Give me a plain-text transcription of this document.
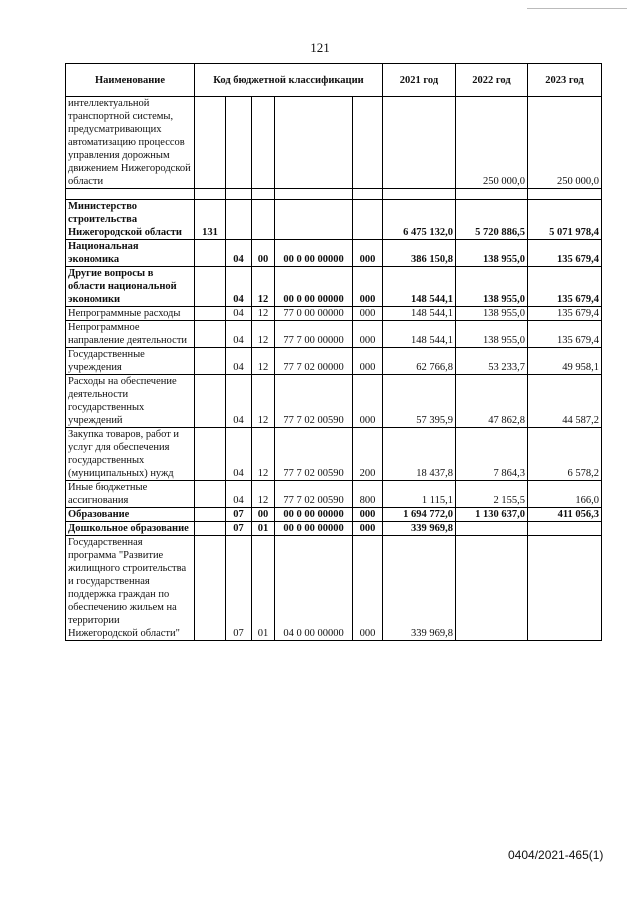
121
Наименование	Код бюджетной классификации					2021 год	2022 год	2023 год
интеллектуальной транспортной системы, предусматривающих автоматизацию процессов управления дорожным движением Нижегородской области							250 000,0	250 000,0

Министерство строительства Нижегородской области	131					6 475 132,0	5 720 886,5	5 071 978,4
Национальная экономика		04	00	00 0 00 00000	000	386 150,8	138 955,0	135 679,4
Другие вопросы в области национальной экономики		04	12	00 0 00 00000	000	148 544,1	138 955,0	135 679,4
Непрограммные расходы		04	12	77 0 00 00000	000	148 544,1	138 955,0	135 679,4
Непрограммное направление деятельности		04	12	77 7 00 00000	000	148 544,1	138 955,0	135 679,4
Государственные учреждения		04	12	77 7 02 00000	000	62 766,8	53 233,7	49 958,1
Расходы на обеспечение деятельности государственных учреждений		04	12	77 7 02 00590	000	57 395,9	47 862,8	44 587,2
Закупка товаров, работ и услуг для обеспечения государственных (муниципальных) нужд		04	12	77 7 02 00590	200	18 437,8	7 864,3	6 578,2
Иные бюджетные ассигнования		04	12	77 7 02 00590	800	1 115,1	2 155,5	166,0
Образование		07	00	00 0 00 00000	000	1 694 772,0	1 130 637,0	411 056,3
Дошкольное образование		07	01	00 0 00 00000	000	339 969,8		
Государственная программа "Развитие жилищного строительства и государственная поддержка граждан по обеспечению жильем на территории Нижегородской области"		07	01	04 0 00 00000	000	339 969,8		
0404/2021-465(1)
